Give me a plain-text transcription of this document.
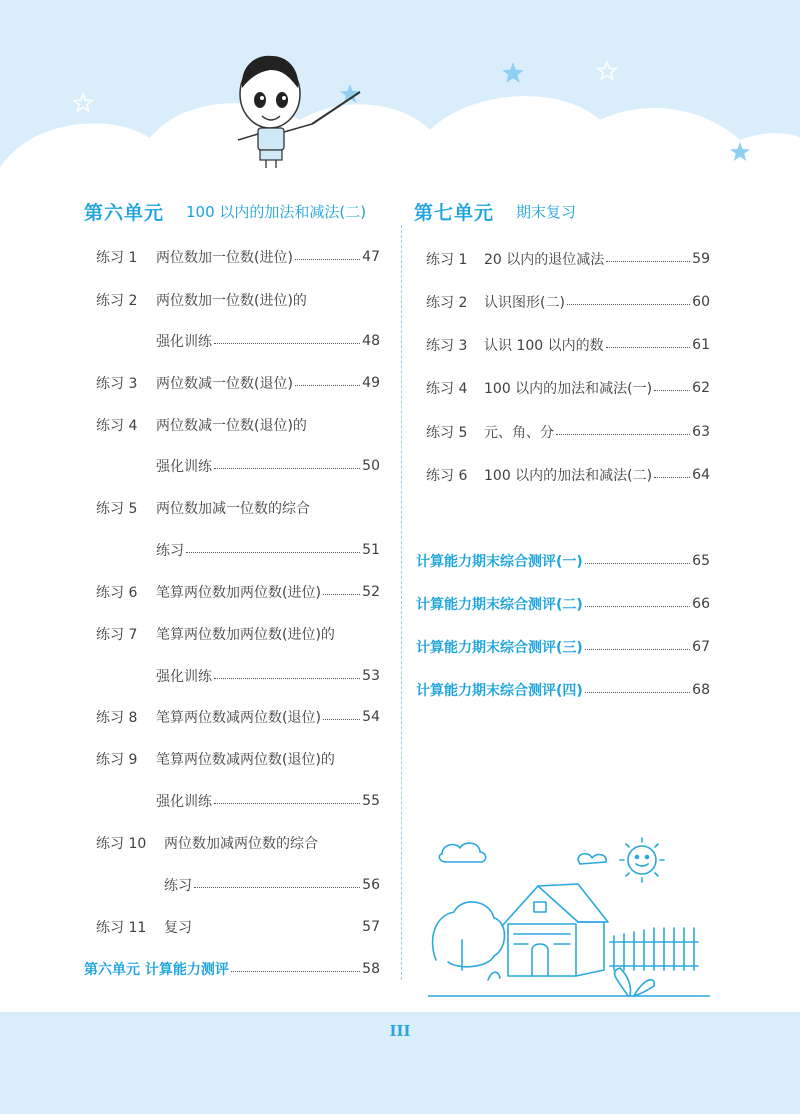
第六单元 100 以内的加法和减法(二)
练习 1	两位数加一位数(进位)	47
练习 2	两位数加一位数(进位)的
强化训练	48
练习 3	两位数减一位数(退位)	49
练习 4	两位数减一位数(退位)的
强化训练	50
练习 5	两位数加减一位数的综合
练习	51
练习 6	笔算两位数加两位数(进位)	52
练习 7	笔算两位数加两位数(进位)的
强化训练	53
练习 8	笔算两位数减两位数(退位)	54
练习 9	笔算两位数减两位数(退位)的
强化训练	55
练习 10	两位数加减两位数的综合
练习	56
练习 11	复习	57
第六单元 计算能力测评	58
第七单元 期末复习
练习 1	20 以内的退位减法	59
练习 2	认识图形(二)	60
练习 3	认识 100 以内的数	61
练习 4	100 以内的加法和减法(一)	62
练习 5	元、角、分	63
练习 6	100 以内的加法和减法(二)	64
计算能力期末综合测评(一)	65
计算能力期末综合测评(二)	66
计算能力期末综合测评(三)	67
计算能力期末综合测评(四)	68
III
